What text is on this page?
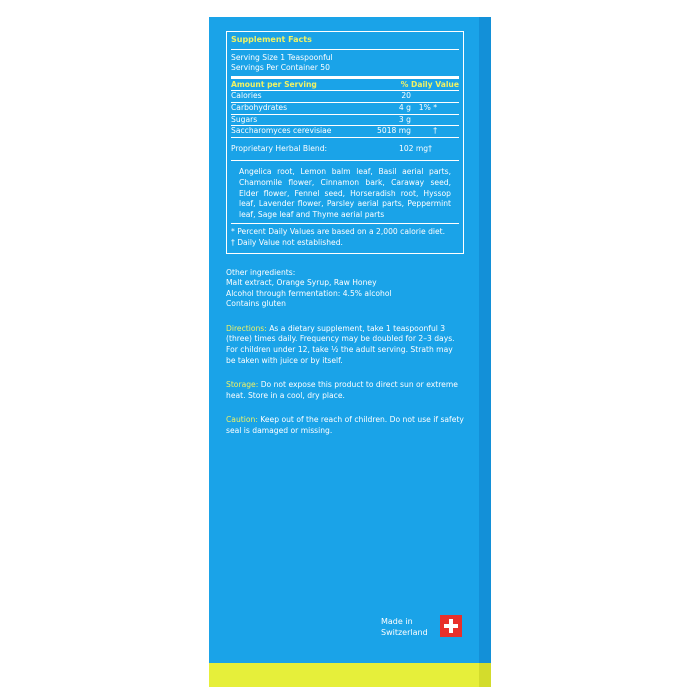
Supplement Facts
Serving Size 1 Teaspoonful
Servings Per Container 50
Amount per Serving	% Daily Value
Calories	20
Carbohydrates	4 g	1% *
Sugars	3 g
Saccharomyces cerevisiae	5018 mg	†
Proprietary Herbal Blend:	102 mg†
Angelica root, Lemon balm leaf, Basil aerial parts, Chamomile flower, Cinnamon bark, Caraway seed, Elder flower, Fennel seed, Horseradish root, Hyssop leaf, Lavender flower, Parsley aerial parts, Peppermint leaf, Sage leaf and Thyme aerial parts
* Percent Daily Values are based on a 2,000 calorie diet.
† Daily Value not established.
Other ingredients:
Malt extract, Orange Syrup, Raw Honey
Alcohol through fermentation: 4.5% alcohol
Contains gluten
Directions: As a dietary supplement, take 1 teaspoonful 3 (three) times daily. Frequency may be doubled for 2–3 days. For children under 12, take ½ the adult serving. Strath may be taken with juice or by itself.
Storage: Do not expose this product to direct sun or extreme heat. Store in a cool, dry place.
Caution: Keep out of the reach of children. Do not use if safety seal is damaged or missing.
Made in
Switzerland
